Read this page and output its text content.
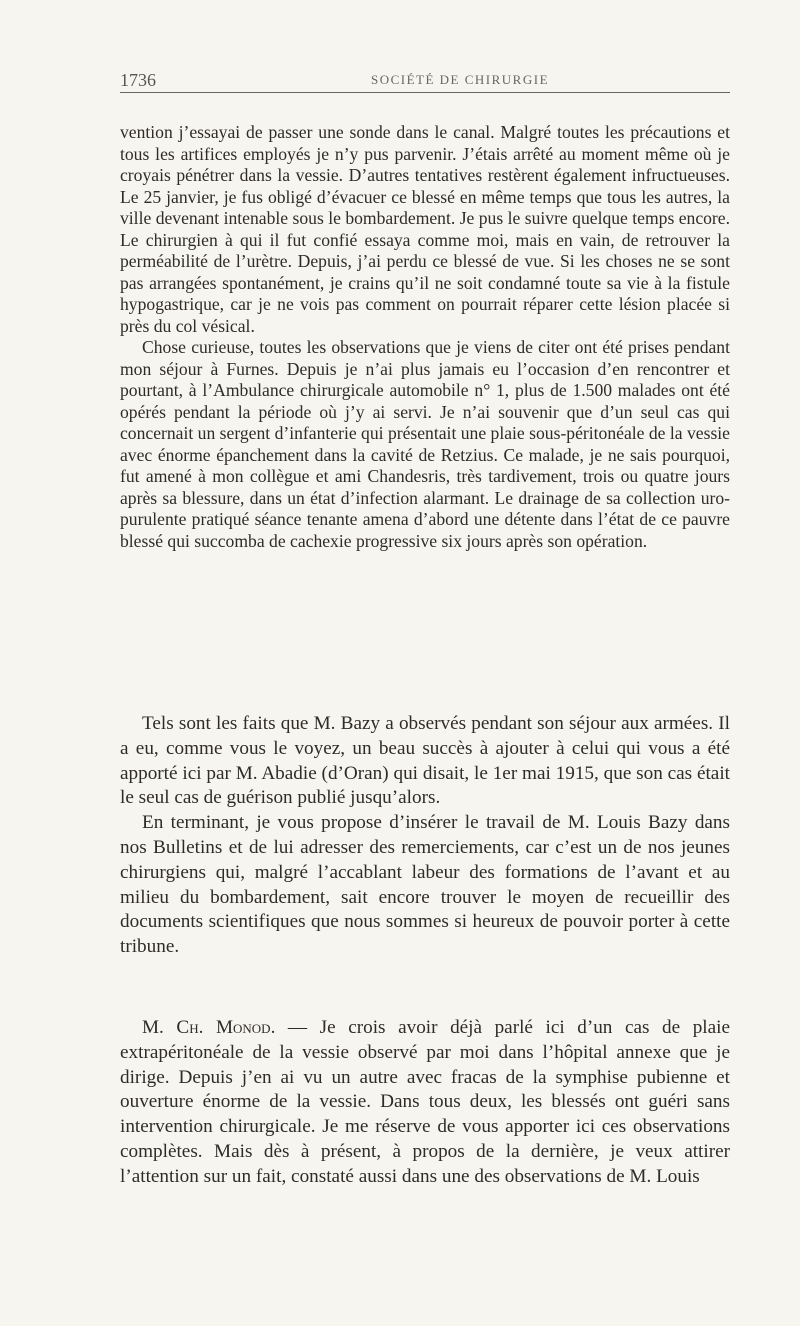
1736	SOCIÉTÉ DE CHIRURGIE

vention j’essayai de passer une sonde dans le canal. Malgré toutes les précautions et tous les artifices employés je n’y pus parvenir. J’étais arrêté au moment même où je croyais pénétrer dans la vessie. D’autres tentatives restèrent également infructueuses. Le 25 janvier, je fus obligé d’évacuer ce blessé en même temps que tous les autres, la ville devenant intenable sous le bombardement. Je pus le suivre quelque temps encore. Le chirurgien à qui il fut confié essaya comme moi, mais en vain, de retrouver la perméabilité de l’urètre. Depuis, j’ai perdu ce blessé de vue. Si les choses ne se sont pas arrangées spontanément, je crains qu’il ne soit condamné toute sa vie à la fistule hypogastrique, car je ne vois pas comment on pourrait réparer cette lésion placée si près du col vésical.

Chose curieuse, toutes les observations que je viens de citer ont été prises pendant mon séjour à Furnes. Depuis je n’ai plus jamais eu l’occasion d’en rencontrer et pourtant, à l’Ambulance chirurgicale automobile n° 1, plus de 1.500 malades ont été opérés pendant la période où j’y ai servi. Je n’ai souvenir que d’un seul cas qui concernait un sergent d’infanterie qui présentait une plaie sous-péritonéale de la vessie avec énorme épanchement dans la cavité de Retzius. Ce malade, je ne sais pourquoi, fut amené à mon collègue et ami Chandesris, très tardivement, trois ou quatre jours après sa blessure, dans un état d’infection alarmant. Le drainage de sa collection uro-purulente pratiqué séance tenante amena d’abord une détente dans l’état de ce pauvre blessé qui succomba de cachexie progressive six jours après son opération.

Tels sont les faits que M. Bazy a observés pendant son séjour aux armées. Il a eu, comme vous le voyez, un beau succès à ajouter à celui qui vous a été apporté ici par M. Abadie (d’Oran) qui disait, le 1er mai 1915, que son cas était le seul cas de guérison publié jusqu’alors.

En terminant, je vous propose d’insérer le travail de M. Louis Bazy dans nos Bulletins et de lui adresser des remerciements, car c’est un de nos jeunes chirurgiens qui, malgré l’accablant labeur des formations de l’avant et au milieu du bombardement, sait encore trouver le moyen de recueillir des documents scientifiques que nous sommes si heureux de pouvoir porter à cette tribune.

M. Ch. Monod. — Je crois avoir déjà parlé ici d’un cas de plaie extrapéritonéale de la vessie observé par moi dans l’hôpital annexe que je dirige. Depuis j’en ai vu un autre avec fracas de la symphise pubienne et ouverture énorme de la vessie. Dans tous deux, les blessés ont guéri sans intervention chirurgicale. Je me réserve de vous apporter ici ces observations complètes. Mais dès à présent, à propos de la dernière, je veux attirer l’attention sur un fait, constaté aussi dans une des observations de M. Louis
